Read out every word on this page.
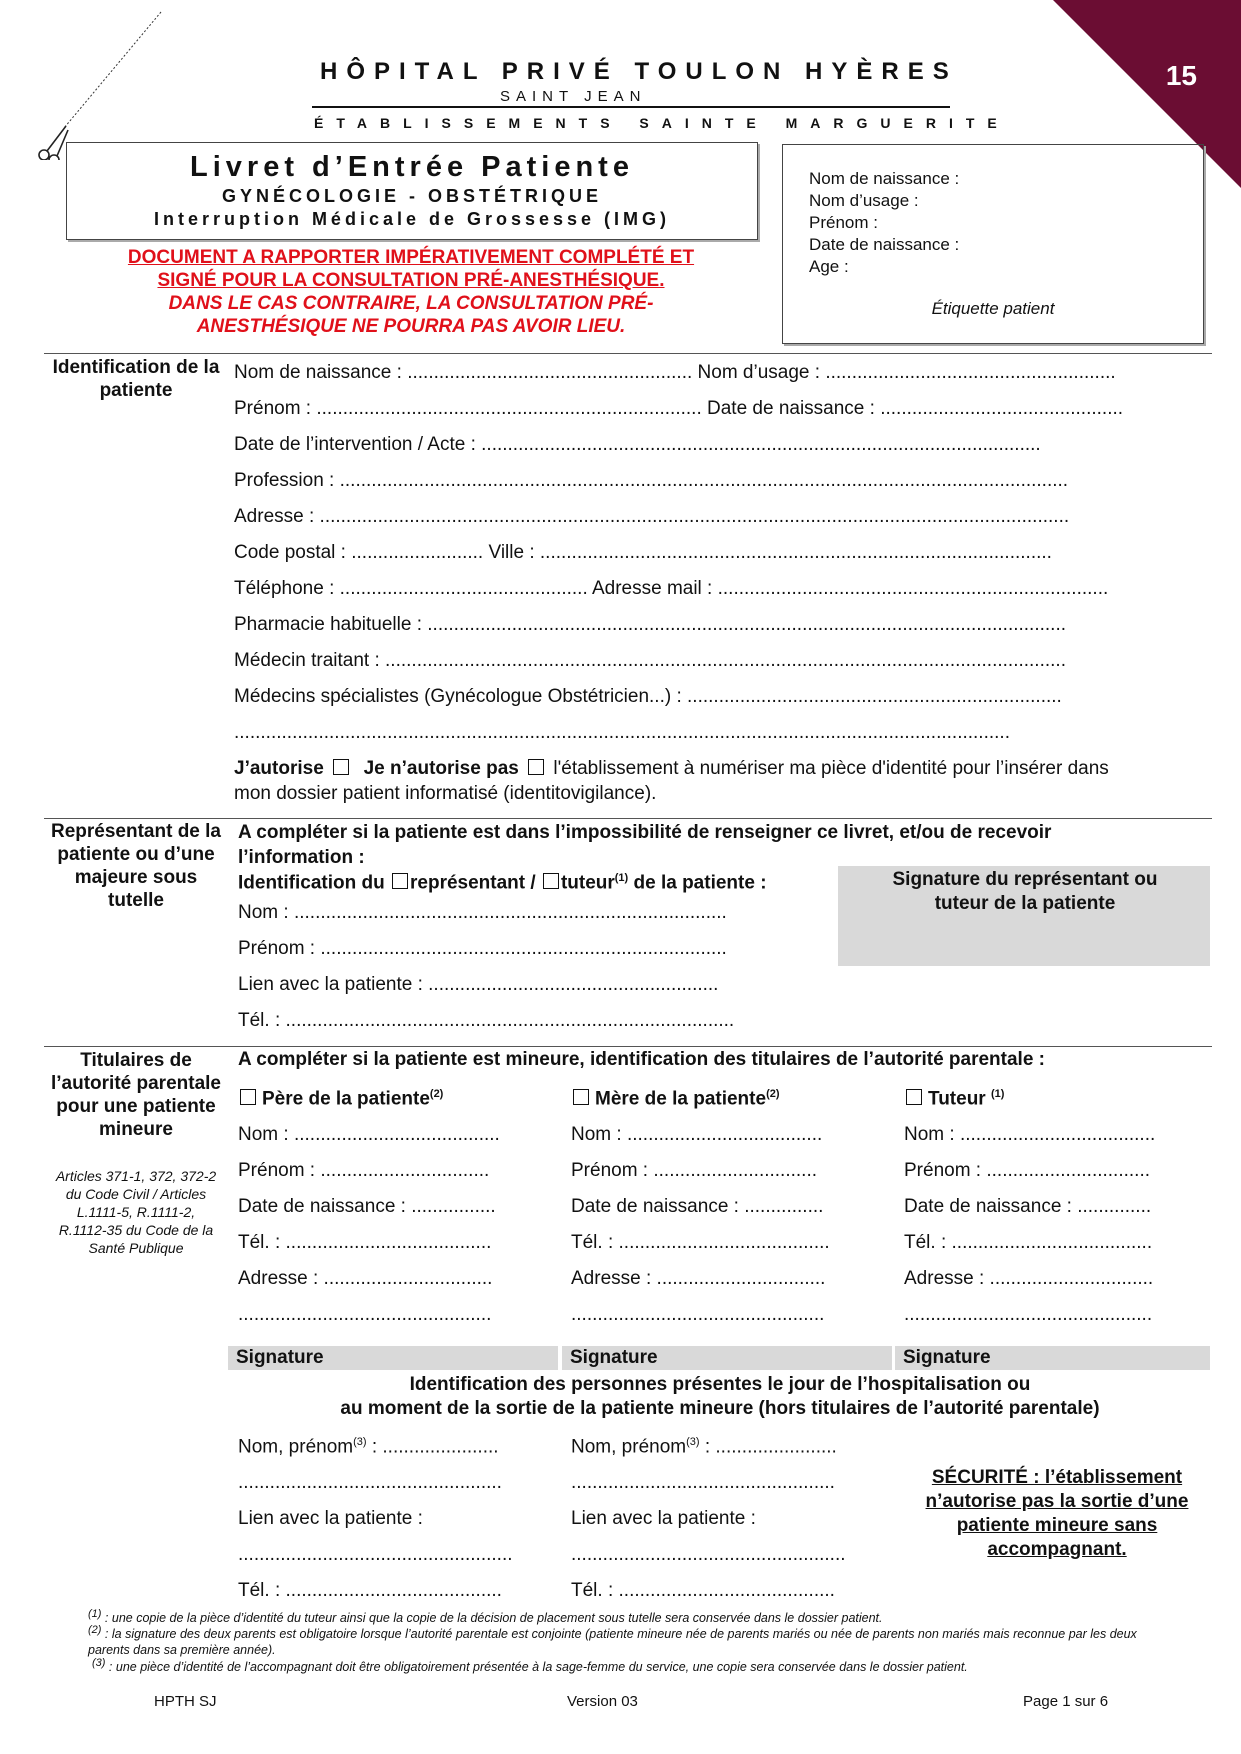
15
HÔPITAL PRIVÉ TOULON HYÈRES
SAINT JEAN
ÉTABLISSEMENTS SAINTE MARGUERITE
Livret d’Entrée Patiente
GYNÉCOLOGIE - OBSTÉTRIQUE
Interruption Médicale de Grossesse (IMG)
DOCUMENT A RAPPORTER IMPÉRATIVEMENT COMPLÉTÉ ET
SIGNÉ POUR LA CONSULTATION PRÉ-ANESTHÉSIQUE.
DANS LE CAS CONTRAIRE, LA CONSULTATION PRÉ-
ANESTHÉSIQUE NE POURRA PAS AVOIR LIEU.
Nom de naissance :
Nom d’usage :
Prénom :
Date de naissance :
Age :
Étiquette patient
Identification de la patiente
Nom de naissance : ...................................................... Nom d’usage : .......................................................
Prénom : ......................................................................... Date de naissance : ..............................................
Date de l’intervention / Acte : ..........................................................................................................
Profession : ..........................................................................................................................................
Adresse : ..............................................................................................................................................
Code postal : ......................... Ville : .................................................................................................
Téléphone : ............................................... Adresse mail : ..........................................................................
Pharmacie habituelle : .........................................................................................................................
Médecin traitant : .................................................................................................................................
Médecins spécialistes (Gynécologue Obstétricien...) : .......................................................................
...................................................................................................................................................
J’autorise Je n’autorise pas l'établissement à numériser ma pièce d'identité pour l’insérer dans
mon dossier patient informatisé (identitovigilance).
Représentant de la patiente ou d’une majeure sous tutelle
A compléter si la patiente est dans l’impossibilité de renseigner ce livret, et/ou de recevoir
l’information :
Identification du représentant / tuteur$^{(1)}$ de la patiente :
Nom : ..................................................................................
Prénom : .............................................................................
Lien avec la patiente : .......................................................
Tél. : .....................................................................................
Signature du représentant ou tuteur de la patiente
Titulaires de l’autorité parentale pour une patiente mineure
Articles 371-1, 372, 372-2 du Code Civil / Articles L.1111-5, R.1111-2, R.1112-35 du Code de la Santé Publique
A compléter si la patiente est mineure, identification des titulaires de l’autorité parentale :
Père de la patiente$^{(2)}$
Nom : .......................................
Prénom : ................................
Date de naissance : ................
Tél. : .......................................
Adresse : ................................
................................................
Mère de la patiente$^{(2)}$
Nom : .....................................
Prénom : ...............................
Date de naissance : ...............
Tél. : ........................................
Adresse : ................................
................................................
Tuteur $^{(1)}$
Nom : .....................................
Prénom : ...............................
Date de naissance : ..............
Tél. : ......................................
Adresse : ...............................
...............................................
Signature	Signature	Signature
Identification des personnes présentes le jour de l’hospitalisation ou
au moment de la sortie de la patiente mineure (hors titulaires de l’autorité parentale)
Nom, prénom$^{(3)}$ : ......................
..................................................
Lien avec la patiente :
....................................................
Tél. : .........................................
Nom, prénom$^{(3)}$ : .......................
..................................................
Lien avec la patiente :
....................................................
Tél. : .........................................
SÉCURITÉ : l’établissement n’autorise pas la sortie d’une patiente mineure sans accompagnant.
$^{(1)}$ : une copie de la pièce d’identité du tuteur ainsi que la copie de la décision de placement sous tutelle sera conservée dans le dossier patient.
$^{(2)}$ : la signature des deux parents est obligatoire lorsque l’autorité parentale est conjointe (patiente mineure née de parents mariés ou née de parents non mariés mais reconnue par les deux parents dans sa première année).
$^{(3)}$ : une pièce d’identité de l’accompagnant doit être obligatoirement présentée à la sage-femme du service, une copie sera conservée dans le dossier patient.
HPTH SJ	Version 03	Page 1 sur 6
